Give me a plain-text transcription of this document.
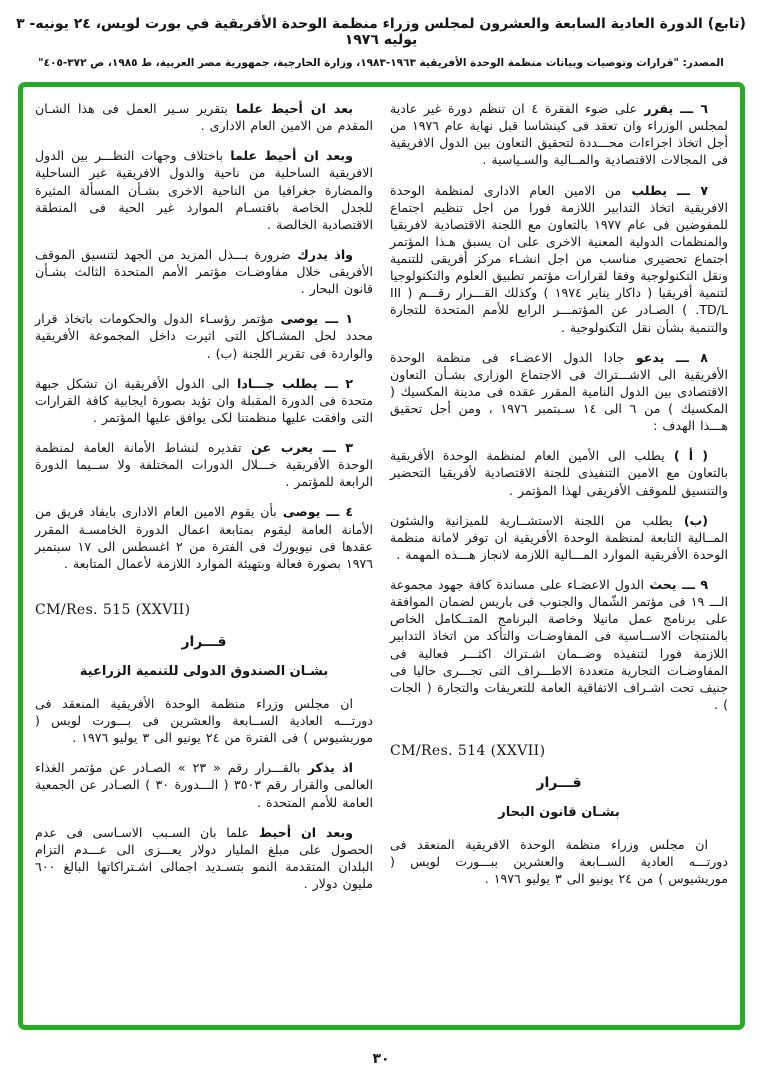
(تابع) الدورة العادية السابعة والعشرون لمجلس وزراء منظمة الوحدة الأفريقية في بورت لويس، ٢٤ يونيه- ٣ يوليه ١٩٧٦
المصدر: "قرارات وتوصيات وبيانات منظمة الوحدة الأفريقية ١٩٦٣-١٩٨٣، وزارة الخارجية، جمهورية مصر العربية، ط ١٩٨٥، ص ٣٧٢-٤٠٥"
٦ ـــ يقرر على ضوء الفقرة ٤ ان تنظم دورة غير عادية لمجلس الوزراء وان تعقد فى كينشاسا قبل نهاية عام ١٩٧٦ من أجل اتخاذ اجراءات محـــددة لتحقيق التعاون بين الدول الافريقية فى المجالات الاقتصادية والمــالية والسـياسية .
٧ ـــ يطلب من الامين العام الادارى لمنظمة الوحدة الافريقية اتخاذ التدابير اللازمة فورا من اجل تنظيم اجتماع للمفوضين فى عام ١٩٧٧ بالتعاون مع اللجنة الاقتصادية لافريقيا والمنظمات الدولية المعنية الاخرى على ان يسبق هـذا المؤتمر اجتماع تحضيرى مناسب من اجل انشـاء مركز أفريقى للتنمية ونقل التكنولوجية وفقا لقرارات مؤتمر تطبيق العلوم والتكنولوجيا لتنمية أفريقيا ( داكار يناير ١٩٧٤ ) وكذلك القـــرار رقـــم ( III TD/L. ) الصـادر عن المؤتمـــر الرابع للأمم المتحدة للتجارة والتنمية بشأن نقل التكنولوجية .
٨ ـــ يدعو جادا الدول الاعضـاء فى منظمة الوحدة الأفريقية الى الاشـــتراك فى الاجتماع الوزارى بشـأن التعاون الاقتصادى بين الدول النامية المقرر عقده فى مدينة المكسيك ( المكسيك ) من ٦ الى ١٤ سـبتمبر ١٩٧٦ ، ومن أجل تحقيق هـــذا الهدف :
( أ ) يطلب الى الأمين العام لمنظمة الوحدة الأفريقية بالتعاون مع الامين التنفيذى للجنة الاقتصادية لأفريقيا التحضير والتنسيق للموقف الأفريقى لهذا المؤتمر .
(ب) يطلب من اللجنة الاستشــارية للميزانية والشئون المــالية التابعة لمنظمة الوحدة الأفريقية ان توفر لامانة منظمة الوحدة الأفريقية الموارد المـــالية اللازمة لانجاز هـــذه المهمة .
٩ ـــ يحث الدول الاعضـاء على مساندة كافة جهود مجموعة الـــ ١٩ فى مؤتمر الشّمال والجنوب فى باريس لضمان الموافقة على برنامج عمل مانيلا وخاصة البرنامج المتــكامل الخاص بالمنتجات الاســاسية فى المفاوضـات والتأكد من اتخاذ التدابير اللازمة فورا لتنفيذه وضــمان اشـتراك اكثـــر فعالية فى المفاوضـات التجارية متعددة الاطـــراف التى تجـــرى حاليا فى جنيف تحت اشـراف الاتفاقية العامة للتعريفات والتجارة ( الجات ) .
CM/Res. 514 (XXVII)
قـــرار
بشـان قانون البحار
ان مجلس وزراء منظمة الوحدة الافريقية المنعقد فى دورتـــه العادية الســابعة والعشرين ببـــورت لويس ( موريشيوس ) من ٢٤ يونيو الى ٣ يوليو ١٩٧٦ .
بعد ان أحيط علما بتقرير سـير العمل فى هذا الشـان المقدم من الامين العام الادارى .
وبعد ان أحيط علما باختلاف وجهات النظـــر بين الدول الافريقية الساحلية من ناحية والدول الافريقية غير الساحلية والمضارة جغرافيا من الناحية الاخرى بشـأن المسألة المثيرة للجدل الخاصة باقتسـام الموارد غير الحية فى المنطقة الاقتصادية الخالصة .
واذ يدرك ضرورة بـــذل المزيد من الجهد لتنسيق الموقف الأفريقى خلال مفاوضـات مؤتمر الأمم المتحدة الثالث بشـأن قانون البحار .
١ ـــ يوصى مؤتمر رؤسـاء الدول والحكومات باتخاذ قرار محدد لحل المشـاكل التى اثيرت داخل المجموعة الأفريقية والواردة فى تقرير اللجنة (ب) .
٢ ـــ يطلب جـــادا الى الدول الأفريقية ان تشكل جبهة متحدة فى الدورة المقبلة وان تؤيد بصورة ايجابية كافة القرارات التى وافقت عليها منظمتنا لكى يوافق عليها المؤتمر .
٣ ـــ يعرب عن تقديره لنشاط الأمانة العامة لمنظمة الوحدة الأفريقية خـــلال الدورات المختلفة ولا ســيما الدورة الرابعة للمؤتمر .
٤ ـــ يوصى بأن يقوم الامين العام الادارى بايفاد فريق من الأمانة العامة ليقوم بمتابعة اعمال الدورة الخامسـة المقرر عقدها فى نيويورك فى الفترة من ٢ اغسطس الى ١٧ سبتمبر ١٩٧٦ بصورة فعالة وبتهيئة الموارد اللازمة لأعمال المتابعة .
CM/Res. 515 (XXVII)
قـــرار
بشـان الصندوق الدولى للتنمية الزراعية
ان مجلس وزراء منظمة الوحدة الأفريقية المنعقد فى دورتـــه العادية الســابعة والعشرين فى بـــورت لويس ( موريشيوس ) فى الفترة من ٢٤ يونيو الى ٣ يوليو ١٩٧٦ .
اذ يذكر بالقـــرار رقم « ٢٣ » الصـادر عن مؤتمر الغذاء العالمى والقرار رقم ٣٥٠٣ ( الـــدورة ٣٠ ) الصـادر عن الجمعية العامة للأمم المتحدة .
وبعد ان أحيط علما بان السـبب الاسـاسى فى عدم الحصول على مبلغ المليار دولار يعـــزى الى عـــدم التزام البلدان المتقدمة النمو بتسـديد اجمالى اشـتراكاتها البالغ ٦٠٠ مليون دولار .
٣٠
